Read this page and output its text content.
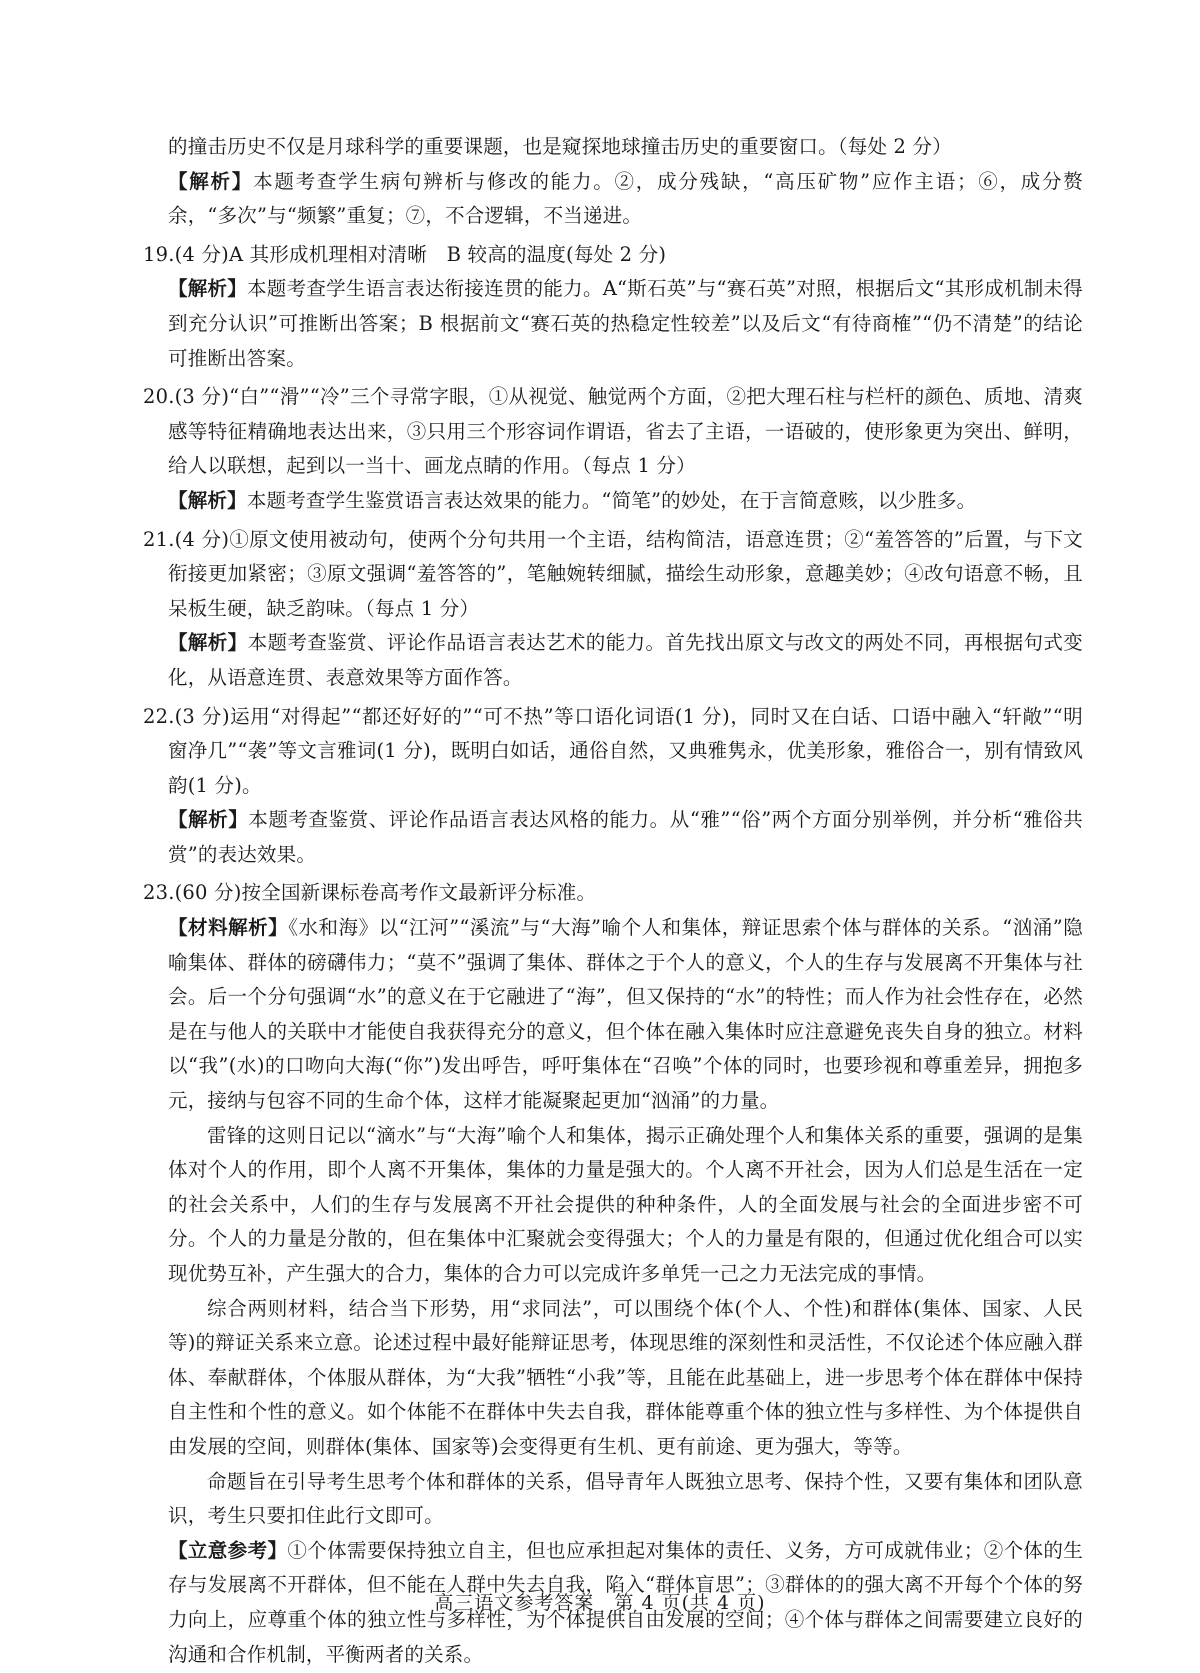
的撞击历史不仅是月球科学的重要课题，也是窥探地球撞击历史的重要窗口。（每处 2 分）

【解析】本题考查学生病句辨析与修改的能力。②，成分残缺，“高压矿物”应作主语；⑥，成分赘余，“多次”与“频繁”重复；⑦，不合逻辑，不当递进。

19.(4 分)A 其形成机理相对清晰　B 较高的温度(每处 2 分)

【解析】本题考查学生语言表达衔接连贯的能力。A“斯石英”与“赛石英”对照，根据后文“其形成机制未得到充分认识”可推断出答案；B 根据前文“赛石英的热稳定性较差”以及后文“有待商榷”“仍不清楚”的结论可推断出答案。

20.(3 分)“白”“滑”“冷”三个寻常字眼，①从视觉、触觉两个方面，②把大理石柱与栏杆的颜色、质地、清爽感等特征精确地表达出来，③只用三个形容词作谓语，省去了主语，一语破的，使形象更为突出、鲜明，给人以联想，起到以一当十、画龙点睛的作用。（每点 1 分）

【解析】本题考查学生鉴赏语言表达效果的能力。“简笔”的妙处，在于言简意赅，以少胜多。

21.(4 分)①原文使用被动句，使两个分句共用一个主语，结构简洁，语意连贯；②“羞答答的”后置，与下文衔接更加紧密；③原文强调“羞答答的”，笔触婉转细腻，描绘生动形象，意趣美妙；④改句语意不畅，且呆板生硬，缺乏韵味。（每点 1 分）

【解析】本题考查鉴赏、评论作品语言表达艺术的能力。首先找出原文与改文的两处不同，再根据句式变化，从语意连贯、表意效果等方面作答。

22.(3 分)运用“对得起”“都还好好的”“可不热”等口语化词语(1 分)，同时又在白话、口语中融入“轩敞”“明窗净几”“袭”等文言雅词(1 分)，既明白如话，通俗自然，又典雅隽永，优美形象，雅俗合一，别有情致风韵(1 分)。

【解析】本题考查鉴赏、评论作品语言表达风格的能力。从“雅”“俗”两个方面分别举例，并分析“雅俗共赏”的表达效果。

23.(60 分)按全国新课标卷高考作文最新评分标准。

【材料解析】《水和海》以“江河”“溪流”与“大海”喻个人和集体，辩证思索个体与群体的关系。“汹涌”隐喻集体、群体的磅礴伟力；“莫不”强调了集体、群体之于个人的意义，个人的生存与发展离不开集体与社会。后一个分句强调“水”的意义在于它融进了“海”，但又保持的“水”的特性；而人作为社会性存在，必然是在与他人的关联中才能使自我获得充分的意义，但个体在融入集体时应注意避免丧失自身的独立。材料以“我”(水)的口吻向大海(“你”)发出呼告，呼吁集体在“召唤”个体的同时，也要珍视和尊重差异，拥抱多元，接纳与包容不同的生命个体，这样才能凝聚起更加“汹涌”的力量。

雷锋的这则日记以“滴水”与“大海”喻个人和集体，揭示正确处理个人和集体关系的重要，强调的是集体对个人的作用，即个人离不开集体，集体的力量是强大的。个人离不开社会，因为人们总是生活在一定的社会关系中，人们的生存与发展离不开社会提供的种种条件，人的全面发展与社会的全面进步密不可分。个人的力量是分散的，但在集体中汇聚就会变得强大；个人的力量是有限的，但通过优化组合可以实现优势互补，产生强大的合力，集体的合力可以完成许多单凭一己之力无法完成的事情。

综合两则材料，结合当下形势，用“求同法”，可以围绕个体(个人、个性)和群体(集体、国家、人民等)的辩证关系来立意。论述过程中最好能辩证思考，体现思维的深刻性和灵活性，不仅论述个体应融入群体、奉献群体，个体服从群体，为“大我”牺牲“小我”等，且能在此基础上，进一步思考个体在群体中保持自主性和个性的意义。如个体能不在群体中失去自我，群体能尊重个体的独立性与多样性、为个体提供自由发展的空间，则群体(集体、国家等)会变得更有生机、更有前途、更为强大，等等。

命题旨在引导考生思考个体和群体的关系，倡导青年人既独立思考、保持个性，又要有集体和团队意识，考生只要扣住此行文即可。

【立意参考】①个体需要保持独立自主，但也应承担起对集体的责任、义务，方可成就伟业；②个体的生存与发展离不开群体，但不能在人群中失去自我，陷入“群体盲思”；③群体的的强大离不开每个个体的努力向上，应尊重个体的独立性与多样性，为个体提供自由发展的空间；④个体与群体之间需要建立良好的沟通和合作机制，平衡两者的关系。

高三语文参考答案　第 4 页(共 4 页)
